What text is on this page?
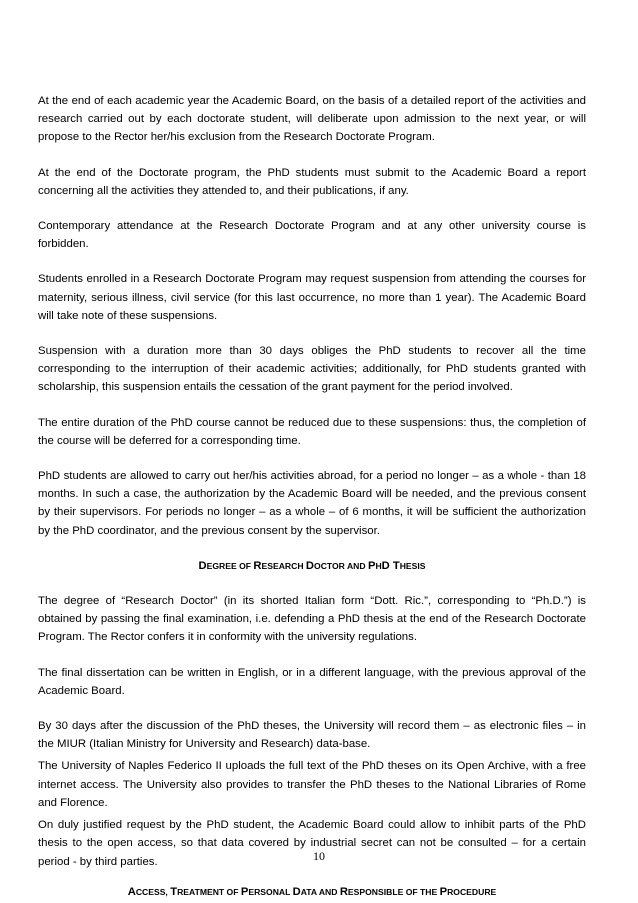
At the end of each academic year the Academic Board, on the basis of a detailed report of the activities and research carried out by each doctorate student, will deliberate upon admission to the next year, or will propose to the Rector her/his exclusion from the Research Doctorate Program.

At the end of the Doctorate program, the PhD students must submit to the Academic Board a report concerning all the activities they attended to, and their publications, if any.

Contemporary attendance at the Research Doctorate Program and at any other university course is forbidden.

Students enrolled in a Research Doctorate Program may request suspension from attending the courses for maternity, serious illness, civil service (for this last occurrence, no more than 1 year). The Academic Board will take note of these suspensions.

Suspension with a duration more than 30 days obliges the PhD students to recover all the time corresponding to the interruption of their academic activities; additionally, for PhD students granted with scholarship, this suspension entails the cessation of the grant payment for the period involved.

The entire duration of the PhD course cannot be reduced due to these suspensions: thus, the completion of the course will be deferred for a corresponding time.

PhD students are allowed to carry out her/his activities abroad, for a period no longer – as a whole - than 18 months. In such a case, the authorization by the Academic Board will be needed, and the previous consent by their supervisors. For periods no longer – as a whole – of 6 months, it will be sufficient the authorization by the PhD coordinator, and the previous consent by the supervisor.

DEGREE OF RESEARCH DOCTOR AND PHD THESIS

The degree of “Research Doctor” (in its shorted Italian form “Dott. Ric.”, corresponding to “Ph.D.”) is obtained by passing the final examination, i.e. defending a PhD thesis at the end of the Research Doctorate Program. The Rector confers it in conformity with the university regulations.

The final dissertation can be written in English, or in a different language, with the previous approval of the Academic Board.

By 30 days after the discussion of the PhD theses, the University will record them – as electronic files – in the MIUR (Italian Ministry for University and Research) data-base.

The University of Naples Federico II uploads the full text of the PhD theses on its Open Archive, with a free internet access. The University also provides to transfer the PhD theses to the National Libraries of Rome and Florence.

On duly justified request by the PhD student, the Academic Board could allow to inhibit parts of the PhD thesis to the open access, so that data covered by industrial secret can not be consulted – for a certain period - by third parties.

ACCESS, TREATMENT OF PERSONAL DATA AND RESPONSIBLE OF THE PROCEDURE

10
